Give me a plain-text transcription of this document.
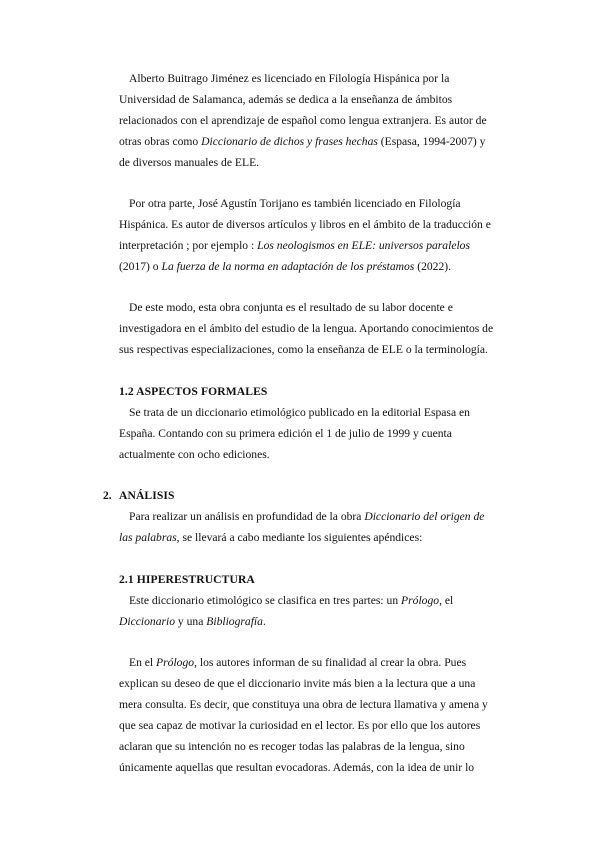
Alberto Buitrago Jiménez es licenciado en Filología Hispánica por la
Universidad de Salamanca, además se dedica a la enseñanza de ámbitos
relacionados con el aprendizaje de español como lengua extranjera. Es autor de
otras obras como Diccionario de dichos y frases hechas (Espasa, 1994-2007) y
de diversos manuales de ELE.
Por otra parte, José Agustín Torijano es también licenciado en Filología
Hispánica. Es autor de diversos artículos y libros en el ámbito de la traducción e
interpretación ; por ejemplo : Los neologismos en ELE: universos paralelos
(2017) o La fuerza de la norma en adaptación de los préstamos (2022).
De este modo, esta obra conjunta es el resultado de su labor docente e
investigadora en el ámbito del estudio de la lengua. Aportando conocimientos de
sus respectivas especializaciones, como la enseñanza de ELE o la terminología.

1.2 ASPECTOS FORMALES

Se trata de un diccionario etimológico publicado en la editorial Espasa en
España. Contando con su primera edición el 1 de julio de 1999 y cuenta
actualmente con ocho ediciones.

2. ANÁLISIS

Para realizar un análisis en profundidad de la obra Diccionario del origen de
las palabras, se llevará a cabo mediante los siguientes apéndices:

2.1 HIPERESTRUCTURA

Este diccionario etimológico se clasifica en tres partes: un Prólogo, el
Diccionario y una Bibliografía.
En el Prólogo, los autores informan de su finalidad al crear la obra. Pues
explican su deseo de que el diccionario invite más bien a la lectura que a una
mera consulta. Es decir, que constituya una obra de lectura llamativa y amena y
que sea capaz de motivar la curiosidad en el lector. Es por ello que los autores
aclaran que su intención no es recoger todas las palabras de la lengua, sino
únicamente aquellas que resultan evocadoras. Además, con la idea de unir lo
